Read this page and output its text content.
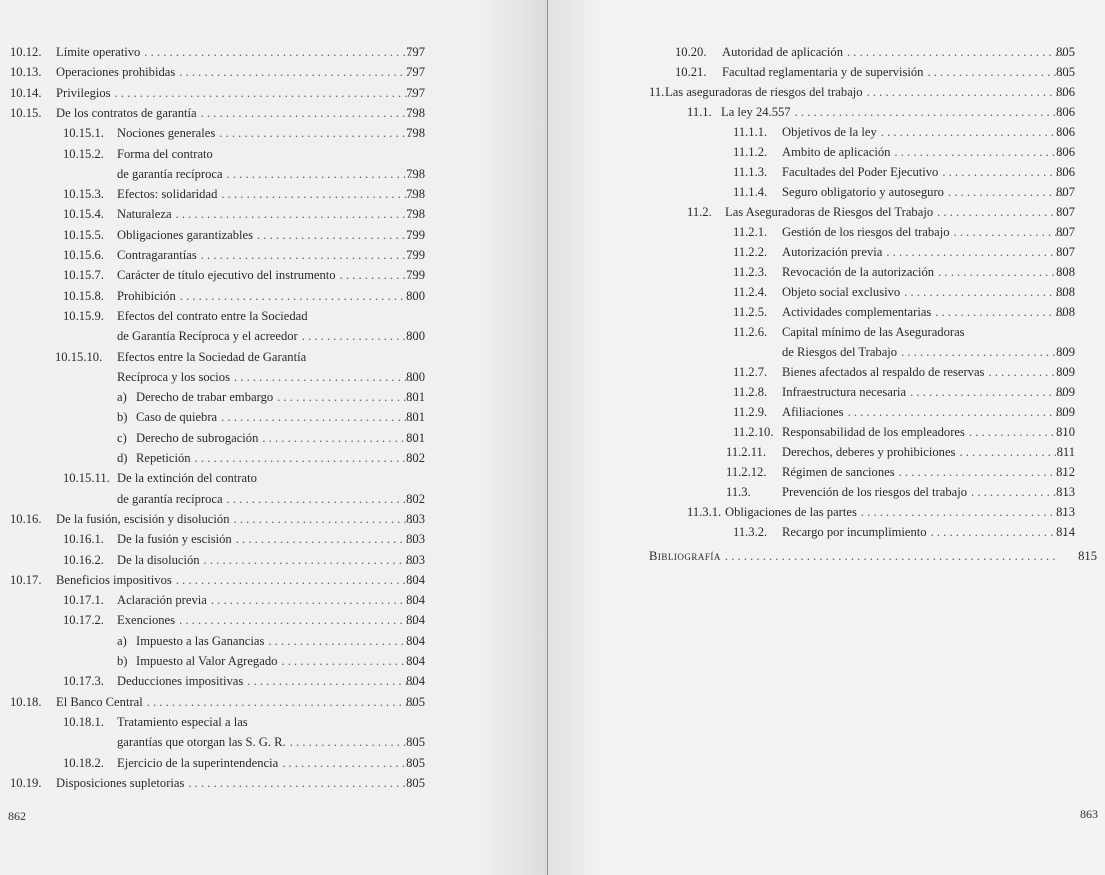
10.12. Límite operativo . . .	797
10.13. Operaciones prohibidas . . .	797
10.14. Privilegios . . .	797
10.15. De los contratos de garantía . . .	798
10.15.1. Nociones generales . . .	798
10.15.2. Forma del contrato
de garantía recíproca . . .	798
10.15.3. Efectos: solidaridad . . .	798
10.15.4. Naturaleza . . .	798
10.15.5. Obligaciones garantizables . . .	799
10.15.6. Contragarantías . . .	799
10.15.7. Carácter de título ejecutivo del instrumento . . .	799
10.15.8. Prohibición . . .	800
10.15.9. Efectos del contrato entre la Sociedad
de Garantía Recíproca y el acreedor . . .	800
10.15.10. Efectos entre la Sociedad de Garantía
Recíproca y los socios . . .	800
a) Derecho de trabar embargo . . .	801
b) Caso de quiebra . . .	801
c) Derecho de subrogación . . .	801
d) Repetición . . .	802
10.15.11. De la extinción del contrato
de garantía recíproca . . .	802
10.16. De la fusión, escisión y disolución . . .	803
10.16.1. De la fusión y escisión . . .	803
10.16.2. De la disolución . . .	803
10.17. Beneficios impositivos . . .	804
10.17.1. Aclaración previa . . .	804
10.17.2. Exenciones . . .	804
a) Impuesto a las Ganancias . . .	804
b) Impuesto al Valor Agregado . . .	804
10.17.3. Deducciones impositivas . . .	804
10.18. El Banco Central . . .	805
10.18.1. Tratamiento especial a las
garantías que otorgan las S. G. R. . . .	805
10.18.2. Ejercicio de la superintendencia . . .	805
10.19. Disposiciones supletorias . . .	805
862
10.20. Autoridad de aplicación . . .	805
10.21. Facultad reglamentaria y de supervisión . . .	805
11. Las aseguradoras de riesgos del trabajo . . .	806
11.1. La ley 24.557 . . .	806
11.1.1. Objetivos de la ley . . .	806
11.1.2. Ambito de aplicación . . .	806
11.1.3. Facultades del Poder Ejecutivo . . .	806
11.1.4. Seguro obligatorio y autoseguro . . .	807
11.2. Las Aseguradoras de Riesgos del Trabajo . . .	807
11.2.1. Gestión de los riesgos del trabajo . . .	807
11.2.2. Autorización previa . . .	807
11.2.3. Revocación de la autorización . . .	808
11.2.4. Objeto social exclusivo . . .	808
11.2.5. Actividades complementarias . . .	808
11.2.6. Capital mínimo de las Aseguradoras
de Riesgos del Trabajo . . .	809
11.2.7. Bienes afectados al respaldo de reservas . . .	809
11.2.8. Infraestructura necesaria . . .	809
11.2.9. Afiliaciones . . .	809
11.2.10. Responsabilidad de los empleadores . . .	810
11.2.11. Derechos, deberes y prohibiciones . . .	811
11.2.12. Régimen de sanciones . . .	812
11.3. Prevención de los riesgos del trabajo . . .	813
11.3.1. Obligaciones de las partes . . .	813
11.3.2. Recargo por incumplimiento . . .	814
Bibliografía . . .	815
863
